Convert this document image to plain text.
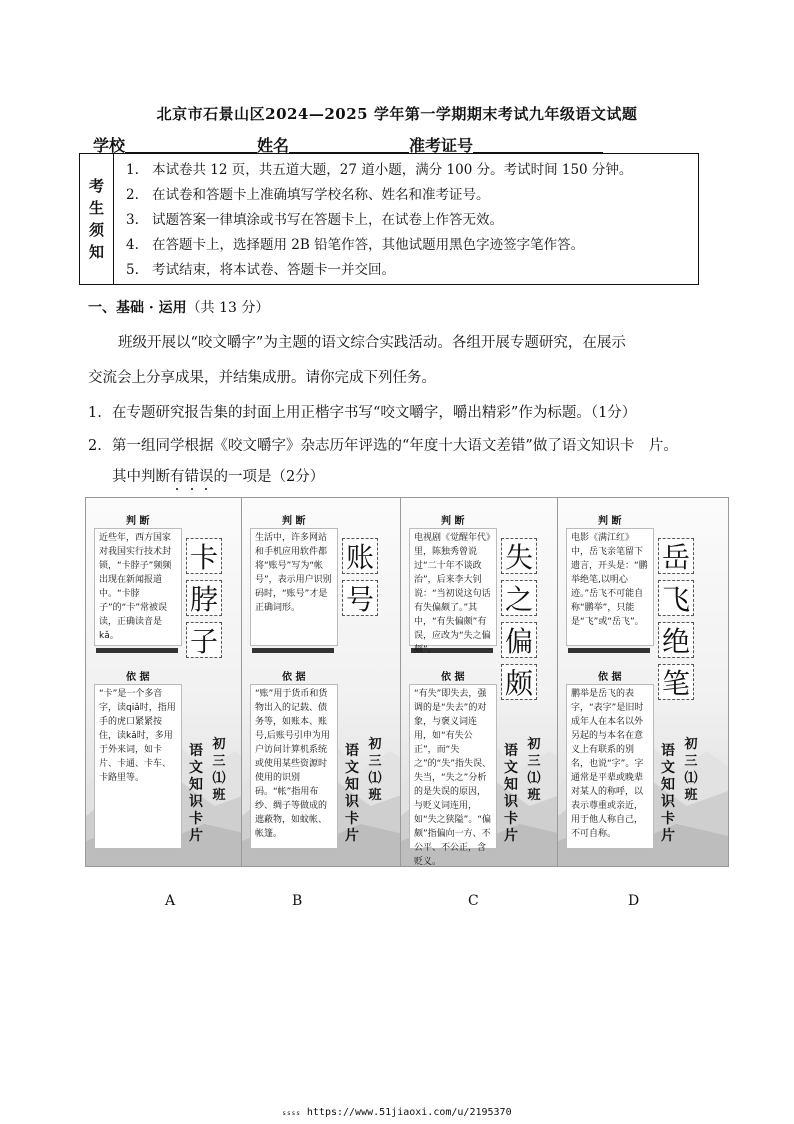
北京市石景山区2024—2025 学年第一学期期末考试九年级语文试题
学校	姓名	准考证号
考
生
须
知
1. 本试卷共 12 页，共五道大题，27 道小题，满分 100 分。考试时间 150 分钟。
2. 在试卷和答题卡上准确填写学校名称、姓名和准考证号。
3. 试题答案一律填涂或书写在答题卡上，在试卷上作答无效。
4. 在答题卡上，选择题用 2B 铅笔作答，其他试题用黑色字迹签字笔作答。
5. 考试结束，将本试卷、答题卡一并交回。
一、基础 · 运用（共 13 分）
班级开展以“咬文嚼字”为主题的语文综合实践活动。各组开展专题研究，在展示
交流会上分享成果，并结集成册。请你完成下列任务。
1. 在专题研究报告集的封面上用正楷字书写“咬文嚼字，嚼出精彩”作为标题。（1分）
2. 第一组同学根据《咬文嚼字》杂志历年评选的“年度十大语文差错”做了语文知识卡　片。
其中判断有错误的一项是（2分）
判 断
依 据
近些年，西方国家对我国实行技术封锁，“卡脖子”频频出现在新闻报道中。“卡脖子”的“卡”常被误读，正确读音是kǎ。
“卡”是一个多音字，读qiǎ时，指用手的虎口紧紧按住，读kǎ时，多用于外来词，如卡片、卡通、卡车、卡路里等。
卡
脖
子
语文知识卡片
初三⑴班
A
判 断
依 据
生活中，许多网站和手机应用软件都将“账号”写为“帐号”，表示用户识别码时，“账号”才是正确词形。
“账”用于货币和货物出入的记载、债务等，如账本、账号,后账号引申为用户访问计算机系统或使用某些资源时使用的识别码。“帐”指用布纱、绸子等做成的遮蔽物，如蚊帐、帐篷。
账
号
语文知识卡片
初三⑴班
B
判 断
依 据
电视剧《觉醒年代》里，陈独秀曾说过“二十年不谈政治”，后来李大钊说：“当初说这句话有失偏颇了。”其中，“有失偏颇”有误，应改为“失之偏颇”。
“有失”即失去，强调的是“失去”的对象，与褒义词连用，如“有失公正”，而“失之”的“失”指失误、失当，“失之”分析的是失误的原因，与贬义词连用，如“失之狭隘”。“偏颇”指偏向一方、不公平、不公正，含贬义。
失
之
偏
颇
语文知识卡片
初三⑴班
C
判 断
依 据
电影《满江红》中，岳飞亲笔留下遗言，开头是：“鹏举绝笔,以明心迹。”岳飞不可能自称“鹏举”，只能是“飞”或“岳飞”。
鹏举是岳飞的表字，“表字”是旧时成年人在本名以外另起的与本名在意义上有联系的别名，也说“字”。字通常是平辈或晚辈对某人的称呼，以表示尊重或亲近，用于他人称自己，不可自称。
岳
飞
绝
笔
语文知识卡片
初三⑴班
D
ssss https://www.51jiaoxi.com/u/2195370
